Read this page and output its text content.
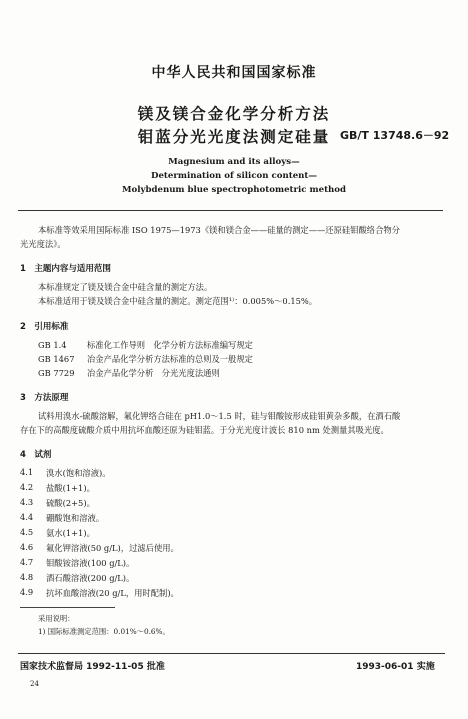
中华人民共和国国家标准
镁及镁合金化学分析方法
钼蓝分光光度法测定硅量 GB/T 13748.6－92
Magnesium and its alloys—
Determination of silicon content—
Molybdenum blue spectrophotometric method
本标准等效采用国际标准 ISO 1975—1973《镁和镁合金——硅量的测定——还原硅钼酸络合物分
光光度法》。
1　主题内容与适用范围
本标准规定了镁及镁合金中硅含量的测定方法。
本标准适用于镁及镁合金中硅含量的测定。测定范围¹⁾：0.005%～0.15%。
2　引用标准
GB 1.4 标准化工作导则　化学分析方法标准编写规定
GB 1467 冶金产品化学分析方法标准的总则及一般规定
GB 7729 冶金产品化学分析　分光光度法通则
3　方法原理
试料用溴水-硫酸溶解，氟化钾络合硅在 pH1.0～1.5 时，硅与钼酸铵形成硅钼黄杂多酸，在酒石酸
存在下的高酸度硫酸介质中用抗坏血酸还原为硅钼蓝。于分光光度计波长 810 nm 处测量其吸光度。
4　试剂
4.1 溴水(饱和溶液)。
4.2 盐酸(1+1)。
4.3 硫酸(2+5)。
4.4 硼酸饱和溶液。
4.5 氨水(1+1)。
4.6 氟化钾溶液(50 g/L)，过滤后使用。
4.7 钼酸铵溶液(100 g/L)。
4.8 酒石酸溶液(200 g/L)。
4.9 抗坏血酸溶液(20 g/L，用时配制)。
采用说明：
1) 国际标准测定范围：0.01%～0.6%。
国家技术监督局 1992-11-05 批准	1993-06-01 实施
24
